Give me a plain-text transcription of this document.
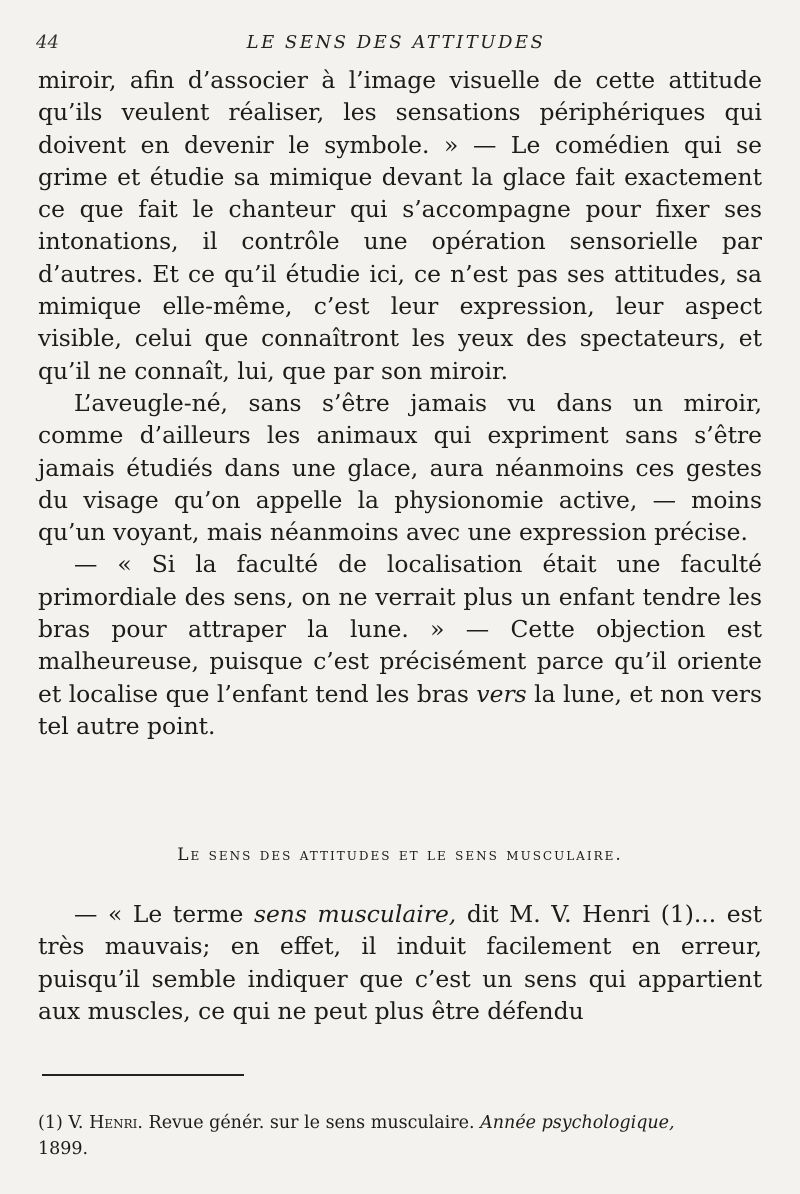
44	LE SENS DES ATTITUDES

miroir, afin d’associer à l’image visuelle de cette attitude qu’ils veulent réaliser, les sensations périphériques qui doivent en devenir le symbole. » — Le comédien qui se grime et étudie sa mimique devant la glace fait exactement ce que fait le chanteur qui s’accompagne pour fixer ses intonations, il contrôle une opération sensorielle par d’autres. Et ce qu’il étudie ici, ce n’est pas ses attitudes, sa mimique elle-même, c’est leur expression, leur aspect visible, celui que connaîtront les yeux des spectateurs, et qu’il ne connaît, lui, que par son miroir.

L’aveugle-né, sans s’être jamais vu dans un miroir, comme d’ailleurs les animaux qui expriment sans s’être jamais étudiés dans une glace, aura néanmoins ces gestes du visage qu’on appelle la physionomie active, — moins qu’un voyant, mais néanmoins avec une expression précise.

— « Si la faculté de localisation était une faculté primordiale des sens, on ne verrait plus un enfant tendre les bras pour attraper la lune. » — Cette objection est malheureuse, puisque c’est précisément parce qu’il oriente et localise que l’enfant tend les bras vers la lune, et non vers tel autre point.

Le sens des attitudes et le sens musculaire.

— « Le terme sens musculaire, dit M. V. Henri (1)... est très mauvais; en effet, il induit facilement en erreur, puisqu’il semble indiquer que c’est un sens qui appartient aux muscles, ce qui ne peut plus être défendu

(1) V. Henri. Revue génér. sur le sens musculaire. Année psychologique,
1899.
